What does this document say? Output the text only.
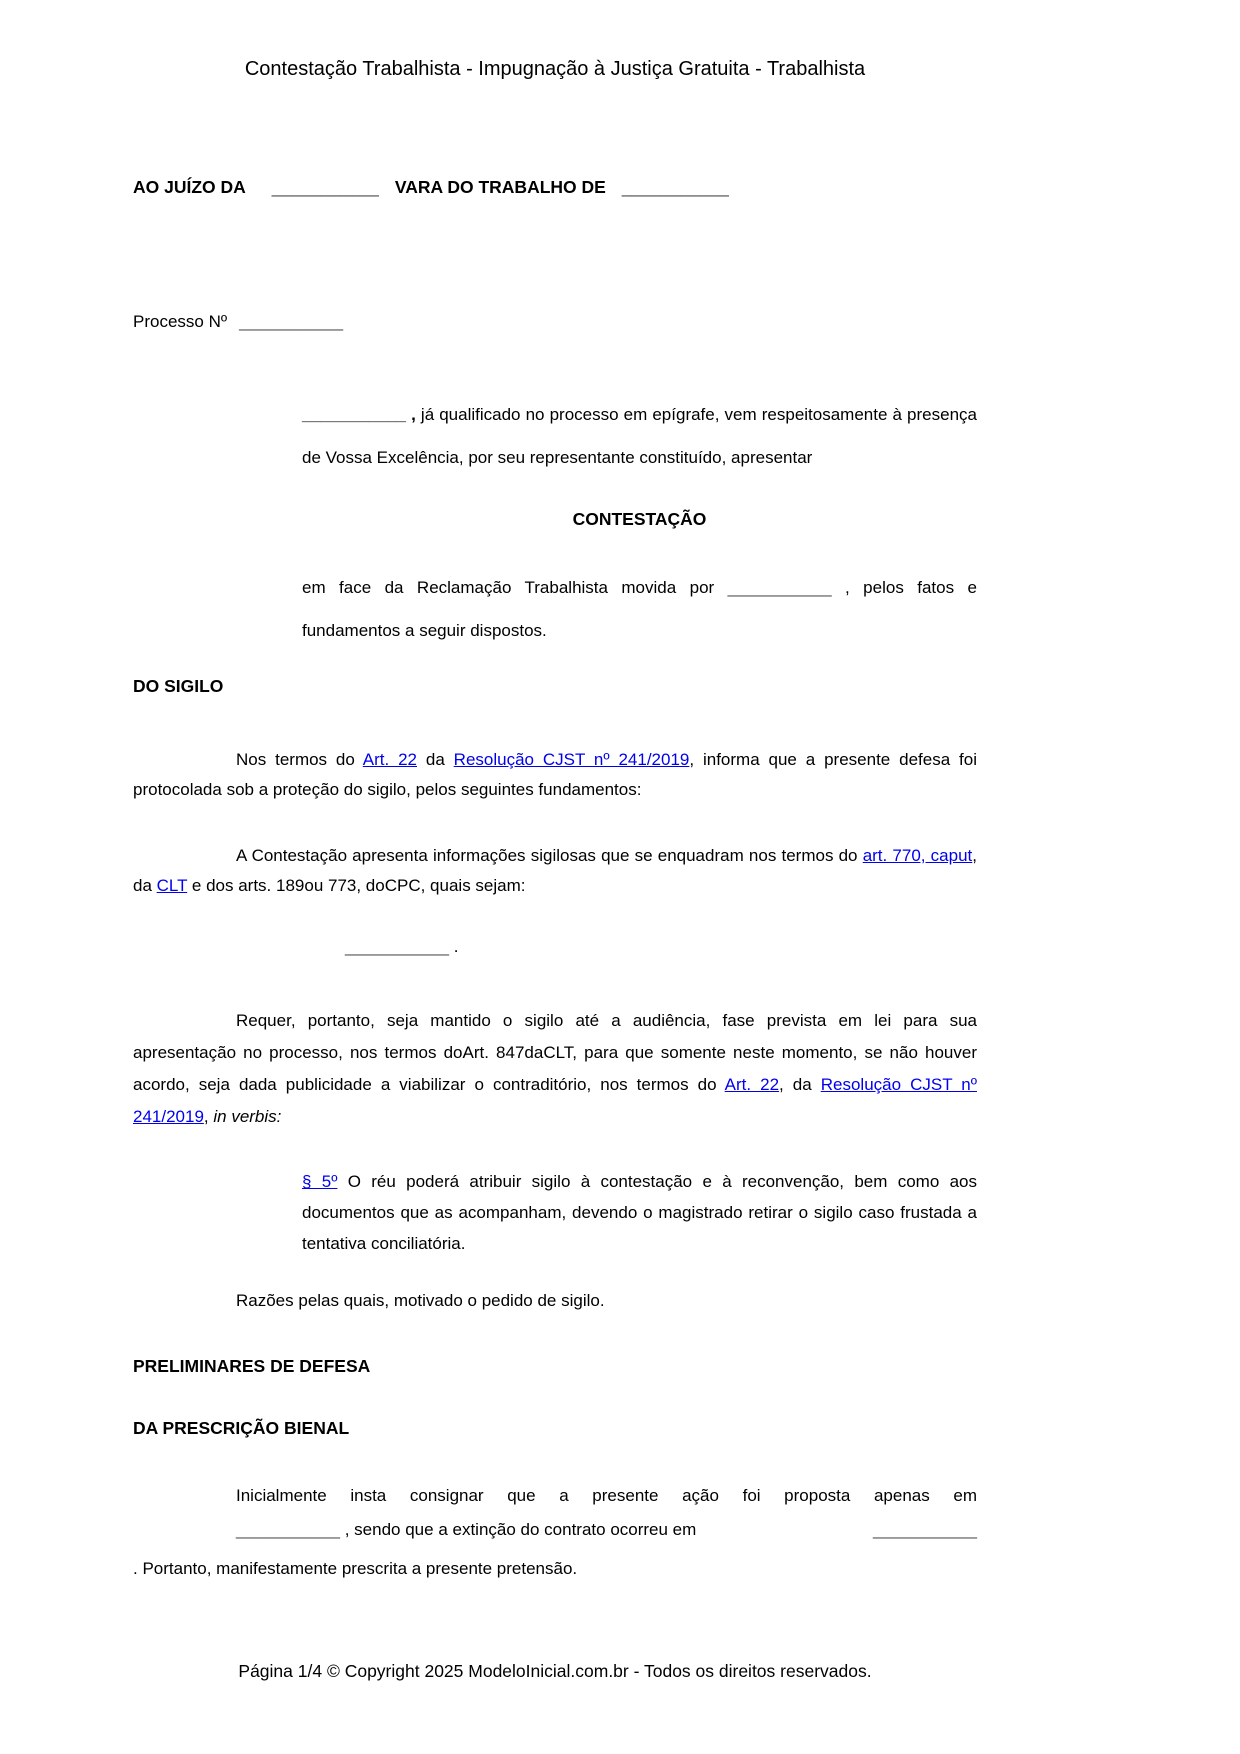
Contestação Trabalhista - Impugnação à Justiça Gratuita - Trabalhista
AO JUÍZO DA ___________ VARA DO TRABALHO DE ___________
Processo Nº ___________
___________ , já qualificado no processo em epígrafe, vem respeitosamente à presença de Vossa Excelência, por seu representante constituído, apresentar
CONTESTAÇÃO
em face da Reclamação Trabalhista movida por ___________ , pelos fatos e fundamentos a seguir dispostos.
DO SIGILO
Nos termos do Art. 22 da Resolução CJST nº 241/2019, informa que a presente defesa foi protocolada sob a proteção do sigilo, pelos seguintes fundamentos:
A Contestação apresenta informações sigilosas que se enquadram nos termos do art. 770, caput, da CLT e dos arts. 189ou 773, doCPC, quais sejam:
___________ .
Requer, portanto, seja mantido o sigilo até a audiência, fase prevista em lei para sua apresentação no processo, nos termos doArt. 847daCLT, para que somente neste momento, se não houver acordo, seja dada publicidade a viabilizar o contraditório, nos termos do Art. 22, da Resolução CJST nº 241/2019, in verbis:
§ 5º O réu poderá atribuir sigilo à contestação e à reconvenção, bem como aos documentos que as acompanham, devendo o magistrado retirar o sigilo caso frustada a tentativa conciliatória.
Razões pelas quais, motivado o pedido de sigilo.
PRELIMINARES DE DEFESA
DA PRESCRIÇÃO BIENAL
Inicialmente insta consignar que a presente ação foi proposta apenas em
___________ , sendo que a extinção do contrato ocorreu em	___________
. Portanto, manifestamente prescrita a presente pretensão.
Página 1/4 © Copyright 2025 ModeloInicial.com.br - Todos os direitos reservados.
